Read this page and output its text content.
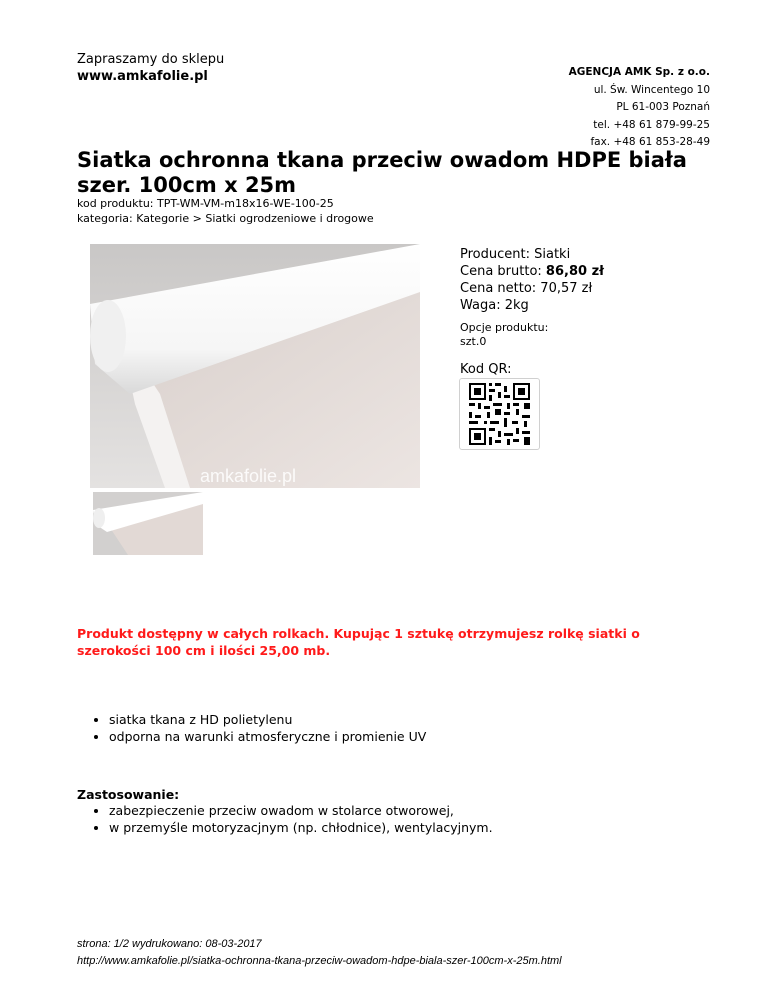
Zapraszamy do sklepu
www.amkafolie.pl	AGENCJA AMK Sp. z o.o.
ul. Św. Wincentego 10
PL 61-003 Poznań
tel. +48 61 879-99-25
fax. +48 61 853-28-49
Siatka ochronna tkana przeciw owadom HDPE biała szer. 100cm x 25m
kod produktu: TPT-WM-VM-m18x16-WE-100-25
kategoria: Kategorie > Siatki ogrodzeniowe i drogowe
amkafolie.pl
Producent: Siatki
Cena brutto: 86,80 zł
Cena netto: 70,57 zł
Waga: 2kg
Opcje produktu:
szt.0
Kod QR:

Produkt dostępny w całych rolkach. Kupując 1 sztukę otrzymujesz rolkę siatki o szerokości 100 cm i ilości 25,00 mb.

• siatka tkana z HD polietylenu
• odporna na warunki atmosferyczne i promienie UV
Zastosowanie:
• zabezpieczenie przeciw owadom w stolarce otworowej,
• w przemyśle motoryzacjnym (np. chłodnice), wentylacyjnym.
strona: 1/2 wydrukowano: 08-03-2017
http://www.amkafolie.pl/siatka-ochronna-tkana-przeciw-owadom-hdpe-biala-szer-100cm-x-25m.html
